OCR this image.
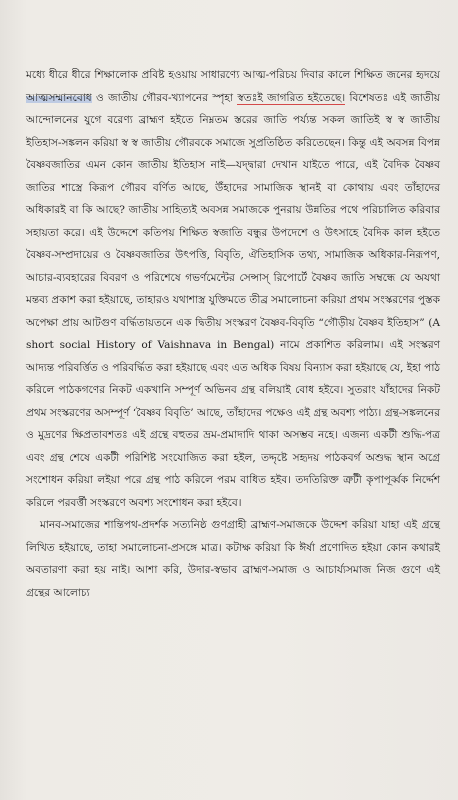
মধ্যে ধীরে ধীরে শিক্ষালোক প্রবিষ্ট হওয়ায় সাধারণ্যে আত্ম-পরিচয় দিবার কালে শিক্ষিত জনের হৃদয়ে আত্মসম্মানবোধ ও জাতীয় গৌরব-খ্যাপনের স্পৃহা স্বতঃই জাগরিত হইতেছে। বিশেষতঃ এই জাতীয় আন্দোলনের যুগে বরেণ্য ব্রাহ্মণ হইতে নিম্নতম স্তরের জাতি পর্য্যন্ত সকল জাতিই স্ব স্ব জাতীয় ইতিহাস-সঙ্কলন করিয়া স্ব স্ব জাতীয় গৌরবকে সমাজে সুপ্রতিষ্ঠিত করিতেছেন। কিন্তু এই অবসন্ন বিপন্ন বৈষ্ণবজাতির এমন কোন জাতীয় ইতিহাস নাই—যদ্দ্বারা দেখান যাইতে পারে, এই বৈদিক বৈষ্ণব জাতির শাস্ত্রে কিরূপ গৌরব বর্ণিত আছে, উঁহাদের সামাজিক স্থানই বা কোথায় এবং তাঁহাদের অধিকারই বা কি আছে? জাতীয় সাহিত্যই অবসন্ন সমাজকে পুনরায় উন্নতির পথে পরিচালিত করিবার সহায়তা করে। এই উদ্দেশে কতিপয় শিক্ষিত স্বজাতি বন্ধুর উপদেশে ও উৎসাহে বৈদিক কাল হইতে বৈষ্ণব-সম্প্রদায়ের ও বৈষ্ণবজাতির উৎপত্তি, বিবৃতি, ঐতিহাসিক তথ্য, সামাজিক অধিকার-নিরূপণ, আচার-ব্যবহারের বিবরণ ও পরিশেষে গভর্ণমেন্টের সেন্সাস্ রিপোর্টে বৈষ্ণব জাতি সম্বন্ধে যে অযথা মন্তব্য প্রকাশ করা হইয়াছে, তাহারও যথাশাস্ত্র যুক্তিমতে তীব্র সমালোচনা করিয়া প্রথম সংস্করণের পুস্তক অপেক্ষা প্রায় আটগুণ বর্দ্ধিতায়তনে এক দ্বিতীয় সংস্করণ বৈষ্ণব-বিবৃতি “গৌড়ীয় বৈষ্ণব ইতিহাস” (A short social History of Vaishnava in Bengal) নামে প্রকাশিত করিলাম। এই সংস্করণ আদ্যন্ত পরিবর্ত্তিত ও পরিবর্দ্ধিত করা হইয়াছে এবং এত অধিক বিষয় বিন্যাস করা হইয়াছে যে, ইহা পাঠ করিলে পাঠকগণের নিকট একখানি সম্পূর্ণ অভিনব গ্রন্থ বলিয়াই বোধ হইবে। সুতরাং যাঁহাদের নিকট প্রথম সংস্করণের অসম্পূর্ণ ‘বৈষ্ণব বিবৃতি’ আছে, তাঁহাদের পক্ষেও এই গ্রন্থ অবশ্য পাঠ্য। গ্রন্থ-সঙ্কলনের ও মুদ্রণের ক্ষিপ্রতাবশতঃ এই গ্রন্থে বহুতর ভ্রম-প্রমাদাদি থাকা অসম্ভব নহে। এজন্য একটী শুদ্ধি-পত্র এবং গ্রন্থ শেষে একটী পরিশিষ্ট সংযোজিত করা হইল, তদ্দৃষ্টে সহৃদয় পাঠকবর্গ অশুদ্ধ স্থান অগ্রে সংশোধন করিয়া লইয়া পরে গ্রন্থ পাঠ করিলে পরম বাধিত হইব। তদতিরিক্ত ত্রুটী কৃপাপূর্ব্বক নির্দ্দেশ করিলে পরবর্ত্তী সংস্করণে অবশ্য সংশোধন করা হইবে।

মানব-সমাজের শান্তিপথ-প্রদর্শক সত্যনিষ্ঠ গুণগ্রাহী ব্রাহ্মণ-সমাজকে উদ্দেশ করিয়া যাহা এই গ্রন্থে লিখিত হইয়াছে, তাহা সমালোচনা-প্রসঙ্গে মাত্র। কটাক্ষ করিয়া কি ঈর্ষা প্রণোদিত হইয়া কোন কথারই অবতারণা করা হয় নাই। আশা করি, উদার-স্বভাব ব্রাহ্মণ-সমাজ ও আচার্য্যসমাজ নিজ গুণে এই গ্রন্থের আলোচ্য
